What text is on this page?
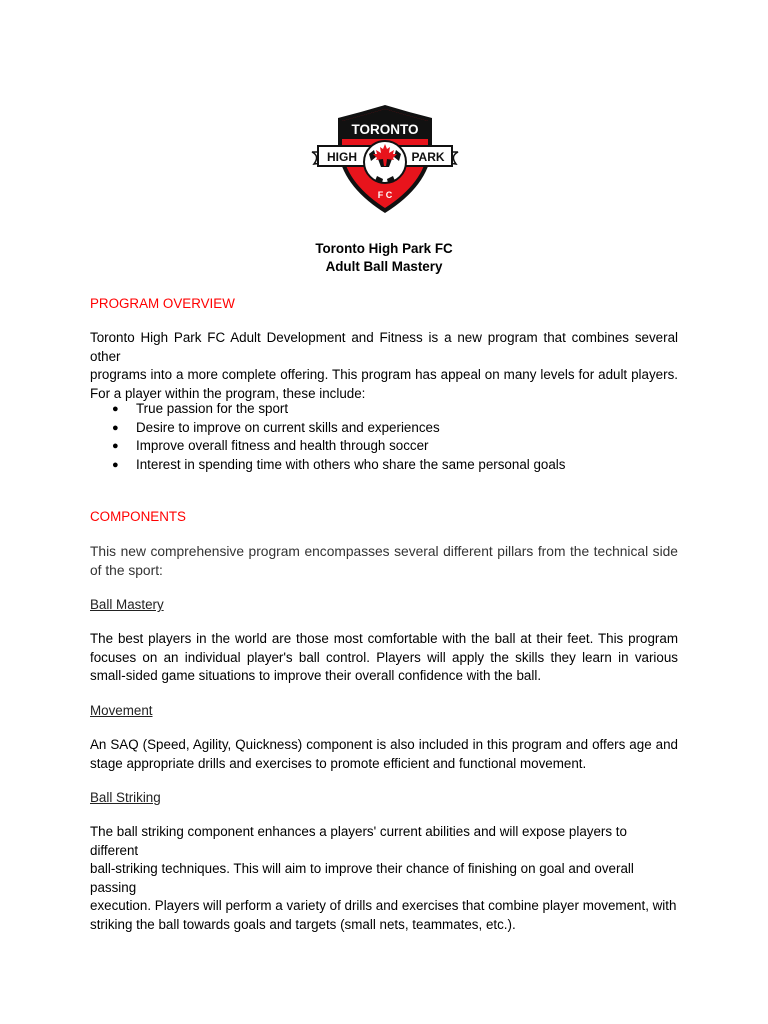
TORONTO
HIGH	PARK
F C
Toronto High Park FC
Adult Ball Mastery
PROGRAM OVERVIEW
Toronto High Park FC Adult Development and Fitness is a new program that combines several other
programs into a more complete offering. This program has appeal on many levels for adult players.
For a player within the program, these include:
● True passion for the sport
● Desire to improve on current skills and experiences
● Improve overall fitness and health through soccer
● Interest in spending time with others who share the same personal goals
COMPONENTS
This new comprehensive program encompasses several different pillars from the technical side
of the sport:
Ball Mastery
The best players in the world are those most comfortable with the ball at their feet. This program
focuses on an individual player's ball control. Players will apply the skills they learn in various
small-sided game situations to improve their overall confidence with the ball.
Movement
An SAQ (Speed, Agility, Quickness) component is also included in this program and offers age and
stage appropriate drills and exercises to promote efficient and functional movement.
Ball Striking
The ball striking component enhances a players' current abilities and will expose players to different
ball-striking techniques. This will aim to improve their chance of finishing on goal and overall passing
execution. Players will perform a variety of drills and exercises that combine player movement, with
striking the ball towards goals and targets (small nets, teammates, etc.).
